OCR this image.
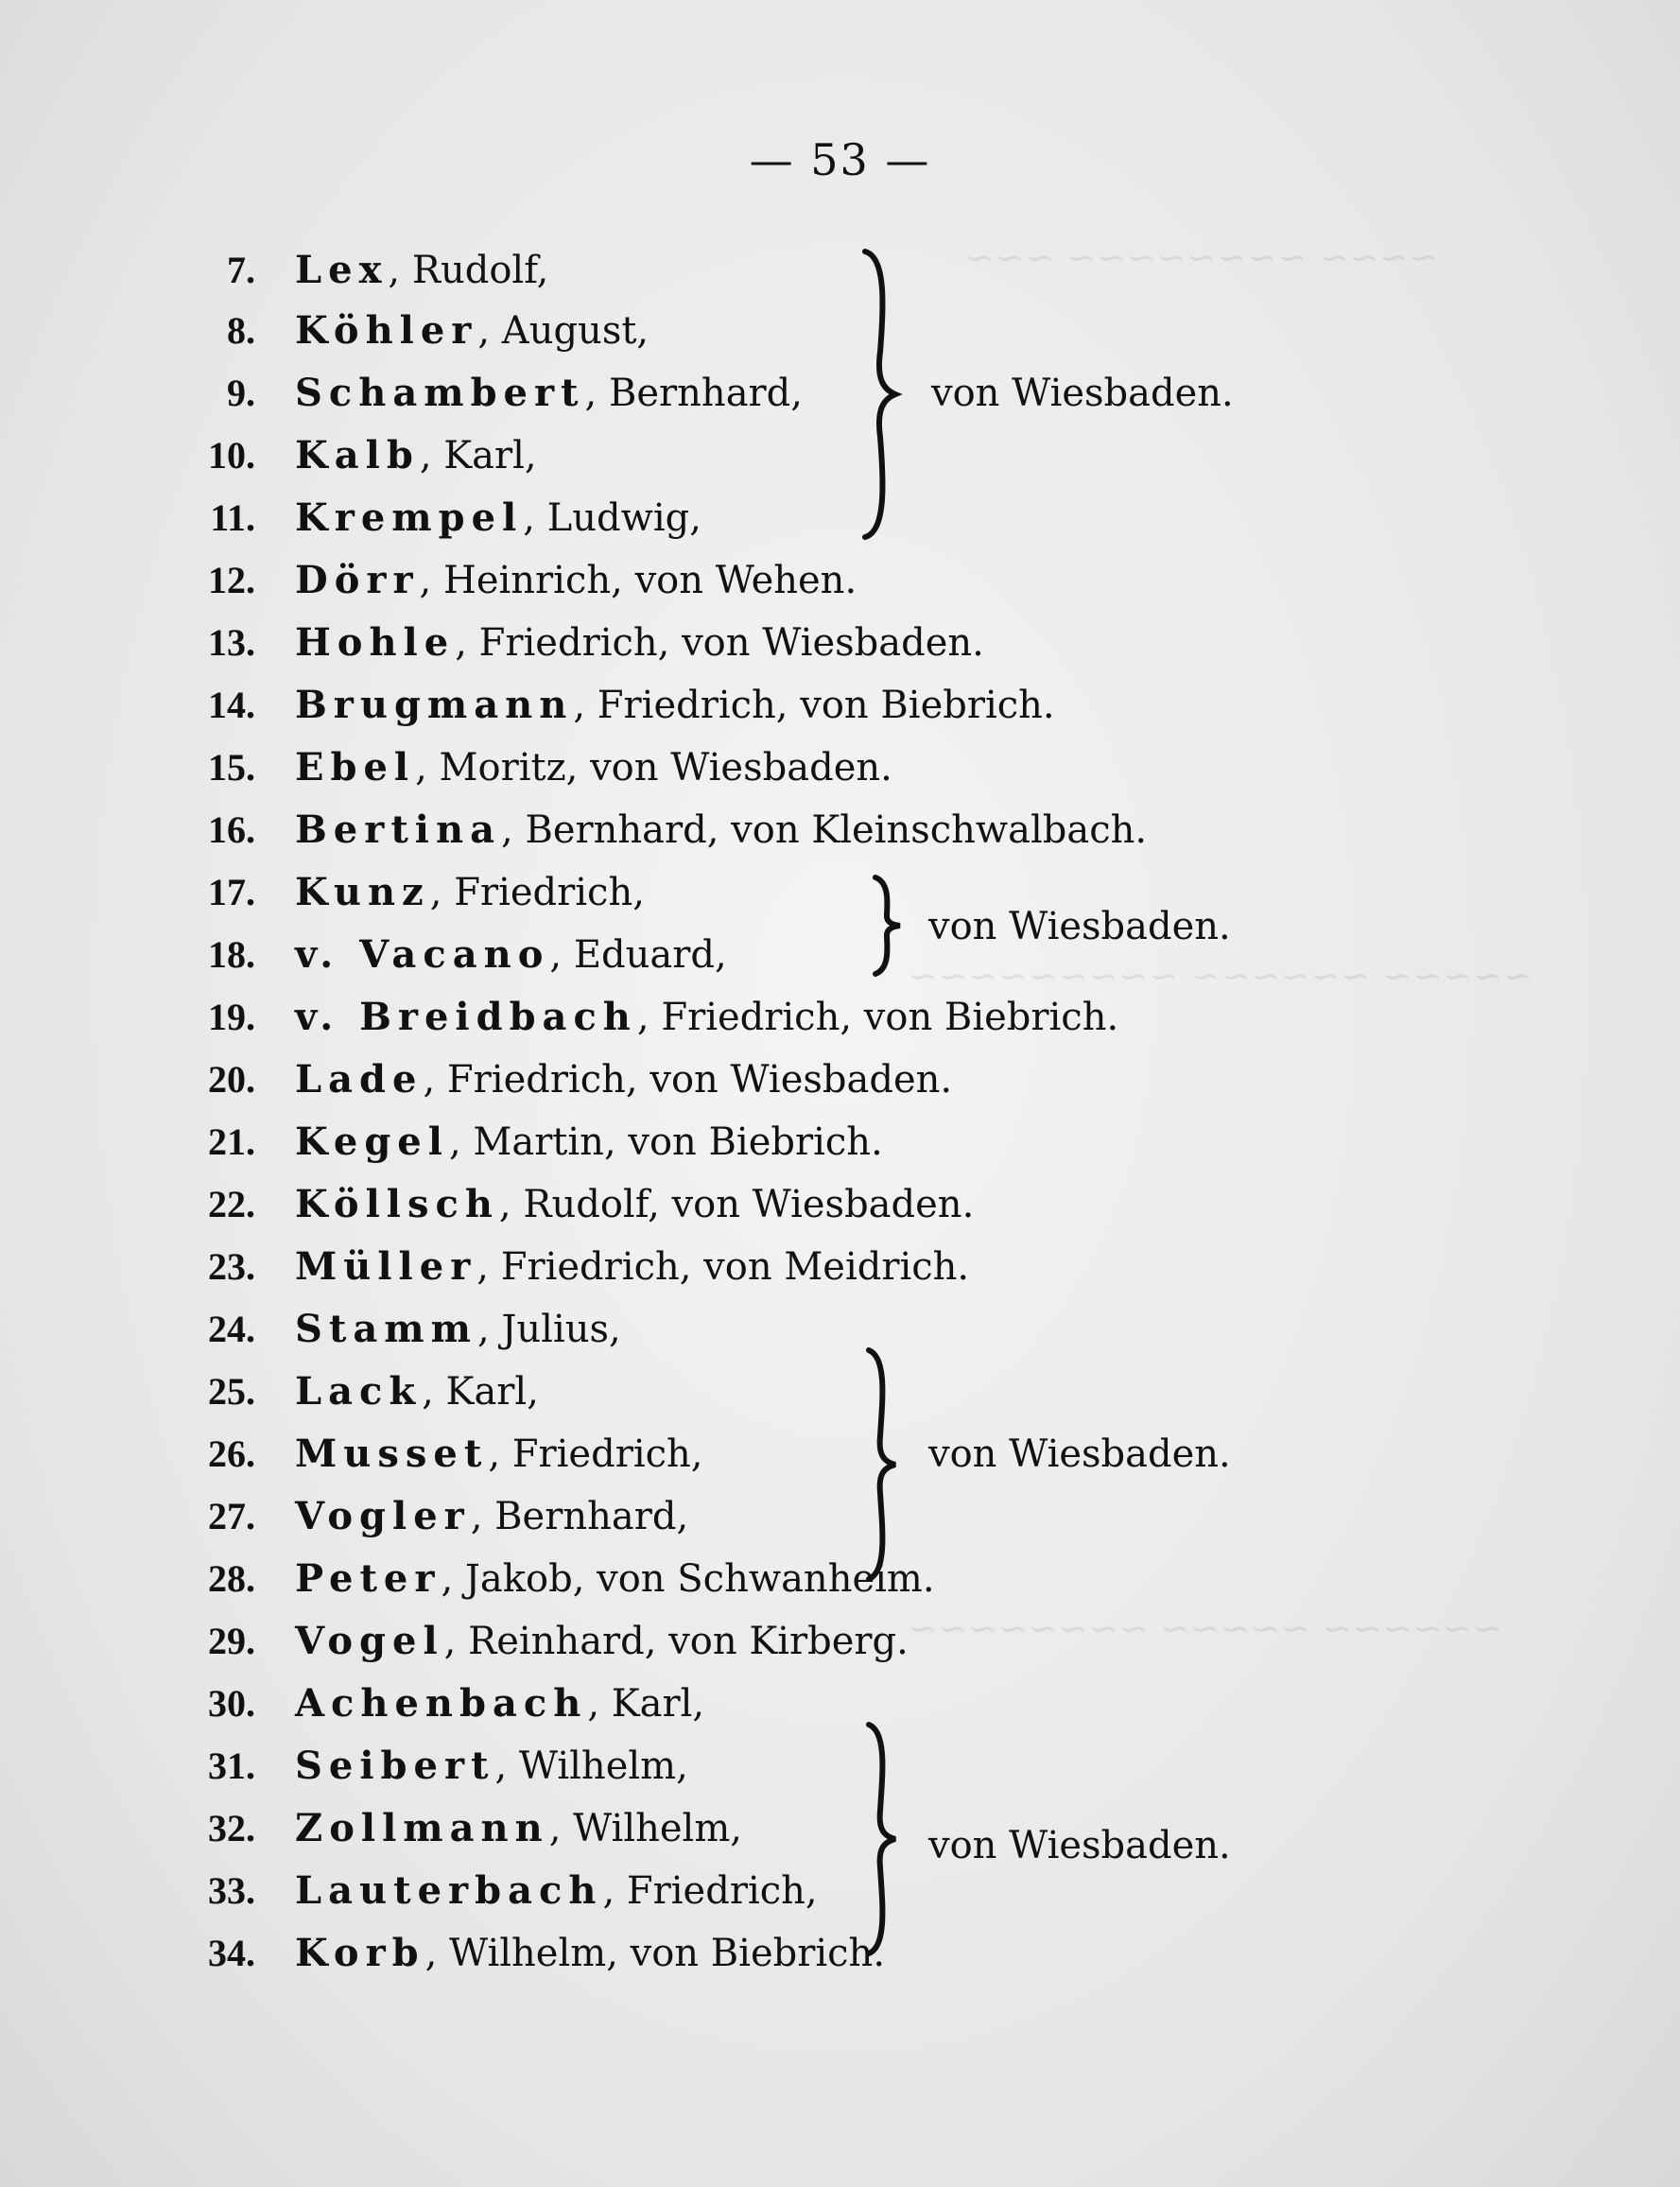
~~~~ ~~~~~~~~ ~~~
~~~~~ ~~~~~~ ~~~~~~~~~
~~~~~~ ~~~~~ ~~~~~~~~
— 53 —
7. Lex, Rudolf,
8. Köhler, August,
9. Schambert, Bernhard,
10. Kalb, Karl,
11. Krempel, Ludwig,
12. Dörr, Heinrich, von Wehen.
13. Hohle, Friedrich, von Wiesbaden.
14. Brugmann, Friedrich, von Biebrich.
15. Ebel, Moritz, von Wiesbaden.
16. Bertina, Bernhard, von Kleinschwalbach.
17. Kunz, Friedrich,
18. v. Vacano, Eduard,
19. v. Breidbach, Friedrich, von Biebrich.
20. Lade, Friedrich, von Wiesbaden.
21. Kegel, Martin, von Biebrich.
22. Köllsch, Rudolf, von Wiesbaden.
23. Müller, Friedrich, von Meidrich.
24. Stamm, Julius,
25. Lack, Karl,
26. Musset, Friedrich,
27. Vogler, Bernhard,
28. Peter, Jakob, von Schwanheim.
29. Vogel, Reinhard, von Kirberg.
30. Achenbach, Karl,
31. Seibert, Wilhelm,
32. Zollmann, Wilhelm,
33. Lauterbach, Friedrich,
34. Korb, Wilhelm, von Biebrich.
von Wiesbaden.
von Wiesbaden.
von Wiesbaden.
von Wiesbaden.
